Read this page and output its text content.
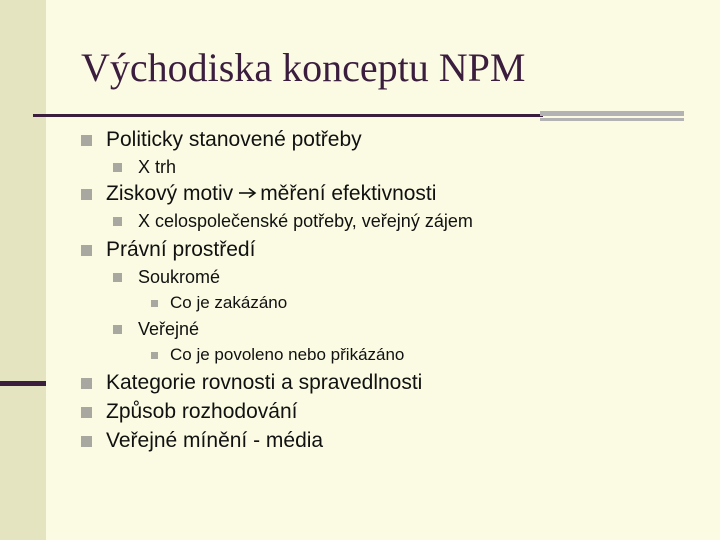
Východiska konceptu NPM
Politicky stanovené potřeby
X trh
Ziskový motiv měření efektivnosti
X celospolečenské potřeby, veřejný zájem
Právní prostředí
Soukromé
Co je zakázáno
Veřejné
Co je povoleno nebo přikázáno
Kategorie rovnosti a spravedlnosti
Způsob rozhodování
Veřejné mínění - média
